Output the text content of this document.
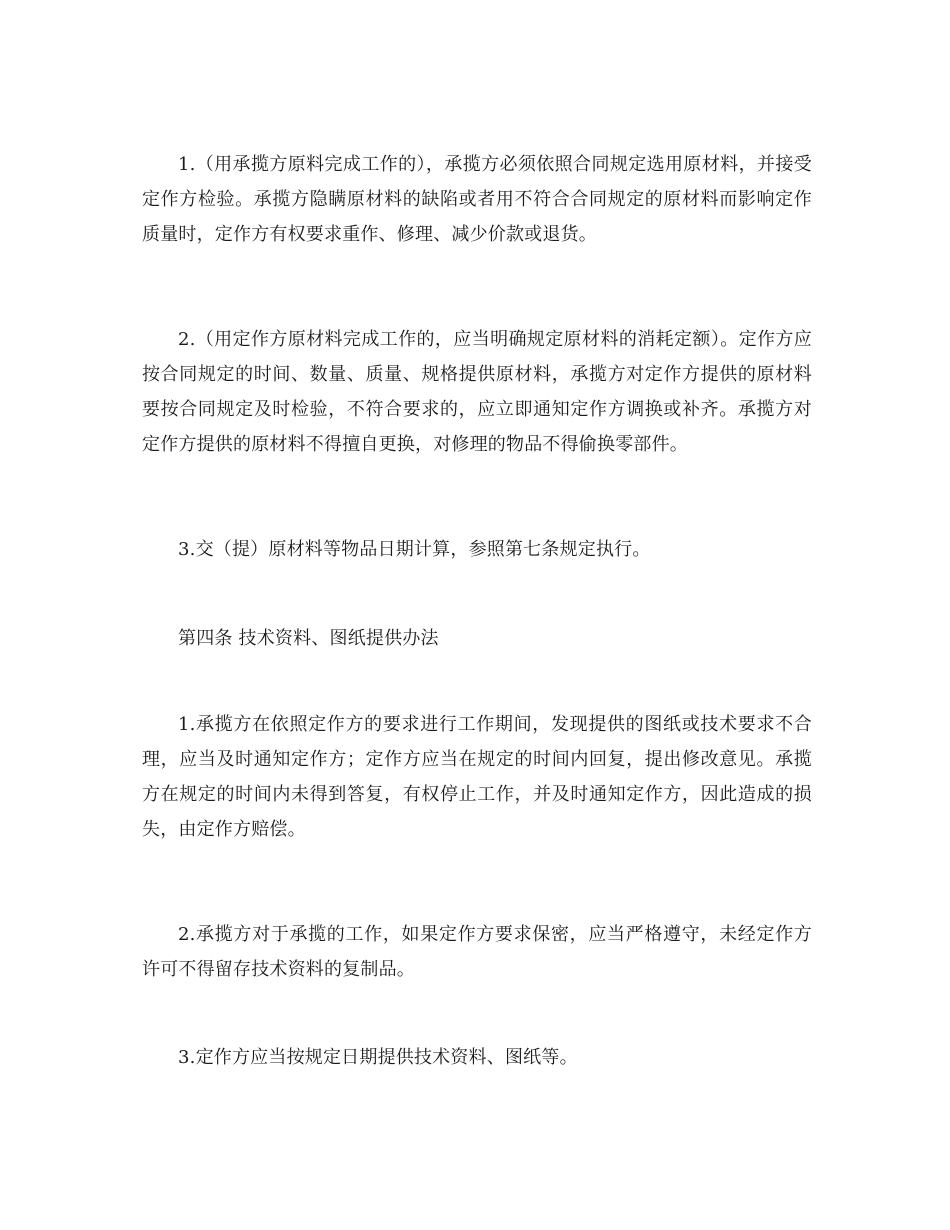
1.（用承揽方原料完成工作的），承揽方必须依照合同规定选用原材料，并接受定作方检验。承揽方隐瞒原材料的缺陷或者用不符合合同规定的原材料而影响定作质量时，定作方有权要求重作、修理、减少价款或退货。

2.（用定作方原材料完成工作的，应当明确规定原材料的消耗定额）。定作方应按合同规定的时间、数量、质量、规格提供原材料，承揽方对定作方提供的原材料要按合同规定及时检验，不符合要求的，应立即通知定作方调换或补齐。承揽方对定作方提供的原材料不得擅自更换，对修理的物品不得偷换零部件。

3.交（提）原材料等物品日期计算，参照第七条规定执行。

第四条 技术资料、图纸提供办法

1.承揽方在依照定作方的要求进行工作期间，发现提供的图纸或技术要求不合理，应当及时通知定作方；定作方应当在规定的时间内回复，提出修改意见。承揽方在规定的时间内未得到答复，有权停止工作，并及时通知定作方，因此造成的损失，由定作方赔偿。

2.承揽方对于承揽的工作，如果定作方要求保密，应当严格遵守，未经定作方许可不得留存技术资料的复制品。

3.定作方应当按规定日期提供技术资料、图纸等。
